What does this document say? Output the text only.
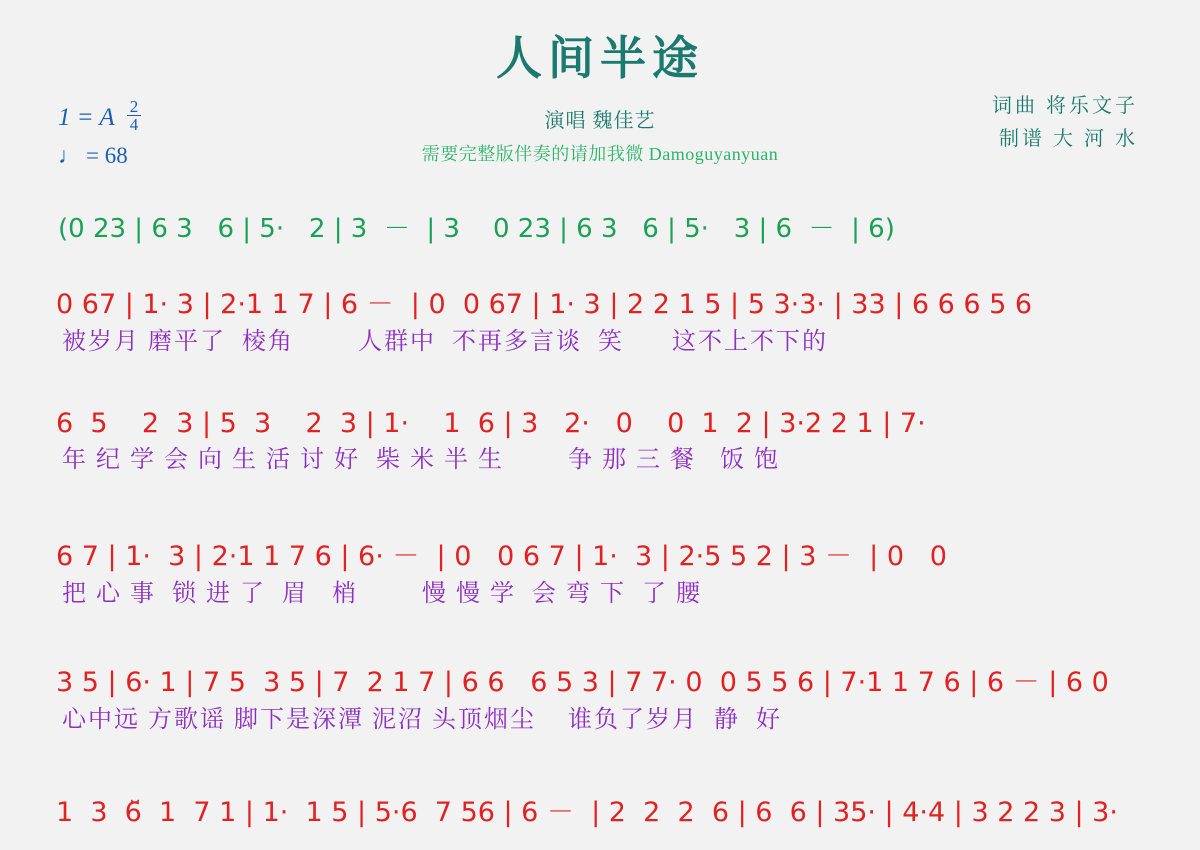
人间半途
1 = A $\frac{2}{4}$
♩ = 68
演唱 魏佳艺
需要完整版伴奏的请加我微 Damoguyanyuan
词曲 将乐文子
制谱 大 河 水
(0 23 | 6 3   6 | 5·   2 | 3  －  | 3    0 23 | 6 3   6 | 5·   3 | 6  －  | 6)
0 67 | 1· 3 | 2·1 1 7 | 6 －  | 0  0 67 | 1· 3 | 2 2 1 5 | 5 3·3· | 33 | 6 6 6 5 6
被岁月 磨平了  棱角        人群中  不再多言谈  笑      这不上不下的
6  5    2  3 | 5  3    2  3 | 1·    1  6 | 3   2·   0    0  1  2 | 3·2 2 1 | 7·
年 纪 学 会 向 生 活 讨 好  柴 米 半 生        争 那 三 餐   饭 饱
6 7 | 1·  3 | 2·1 1 7 6 | 6· －  | 0   0 6 7 | 1·  3 | 2·5 5 2 | 3 －  | 0   0
把 心 事  锁 进 了  眉   梢        慢 慢 学  会 弯 下  了 腰
3 5 | 6· 1 | 7 5  3 5 | 7  2 1 7 | 6 6   6 5 3 | 7 7· 0  0 5 5 6 | 7·1 1 7 6 | 6 － | 6 0
心中远 方歌谣 脚下是深潭 泥沼 头顶烟尘    谁负了岁月  静  好
1  3  6̆  1  7 1 | 1·  1 5 | 5·6  7 56 | 6 －  | 2  2  2  6 | 6  6 | 35· | 4·4 | 3 2 2 3 | 3·
